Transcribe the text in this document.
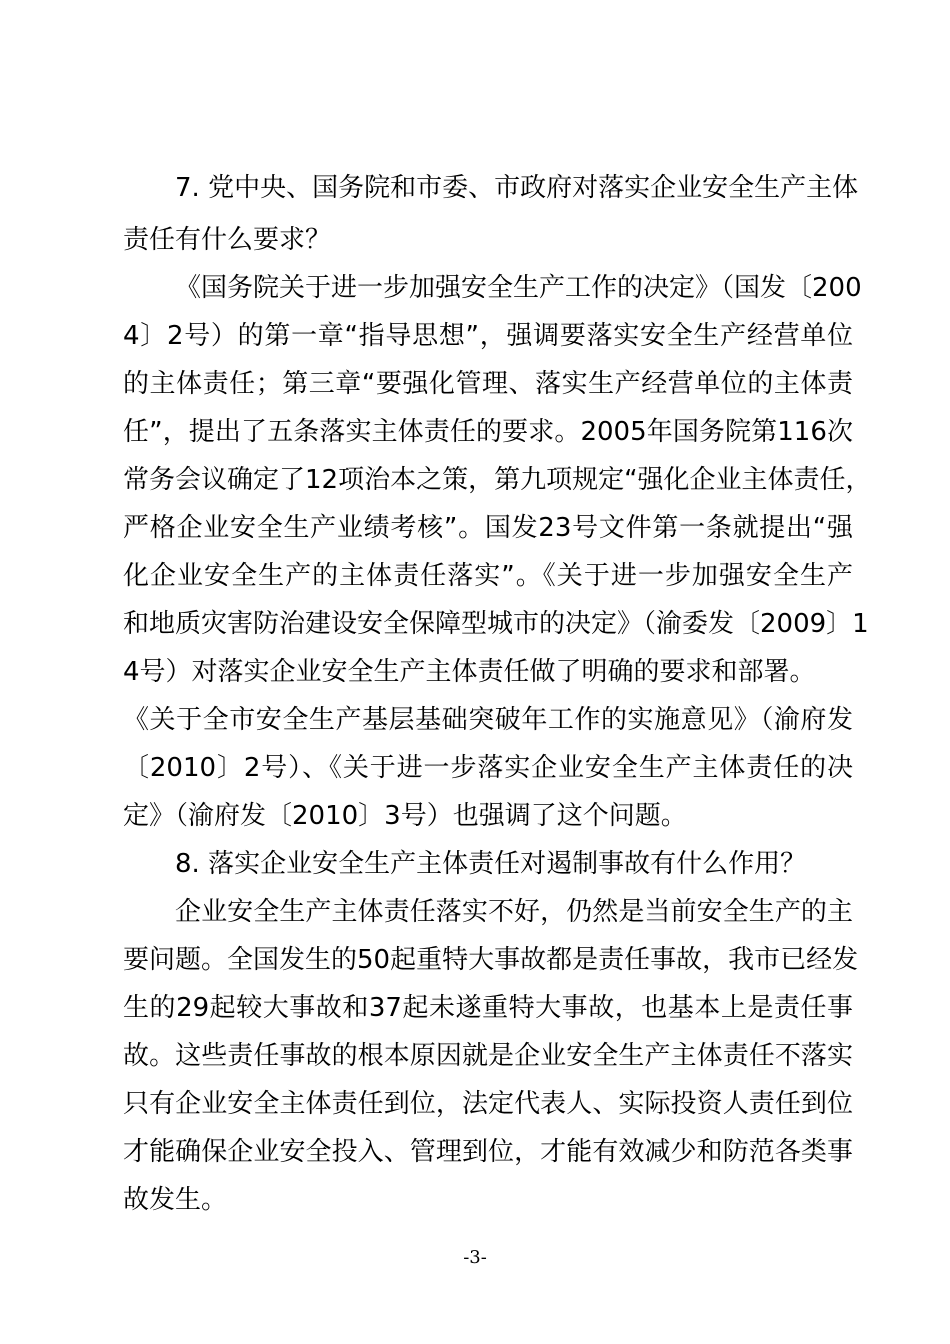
7. 党中央、国务院和市委、市政府对落实企业安全生产主体
责任有什么要求？
《国务院关于进一步加强安全生产工作的决定》（国发〔200
4〕2号）的第一章“指导思想”，强调要落实安全生产经营单位
的主体责任；第三章“要强化管理、落实生产经营单位的主体责
任”，提出了五条落实主体责任的要求。2005年国务院第116次
常务会议确定了12项治本之策，第九项规定“强化企业主体责任，
严格企业安全生产业绩考核”。国发23号文件第一条就提出“强
化企业安全生产的主体责任落实”。《关于进一步加强安全生产
和地质灾害防治建设安全保障型城市的决定》（渝委发〔2009〕1
4号）对落实企业安全生产主体责任做了明确的要求和部署。
《关于全市安全生产基层基础突破年工作的实施意见》（渝府发
〔2010〕2号）、《关于进一步落实企业安全生产主体责任的决
定》（渝府发〔2010〕3号）也强调了这个问题。
8. 落实企业安全生产主体责任对遏制事故有什么作用？
企业安全生产主体责任落实不好，仍然是当前安全生产的主
要问题。全国发生的50起重特大事故都是责任事故，我市已经发
生的29起较大事故和37起未遂重特大事故，也基本上是责任事
故。这些责任事故的根本原因就是企业安全生产主体责任不落实
只有企业安全主体责任到位，法定代表人、实际投资人责任到位
才能确保企业安全投入、管理到位，才能有效减少和防范各类事
故发生。
-3-
